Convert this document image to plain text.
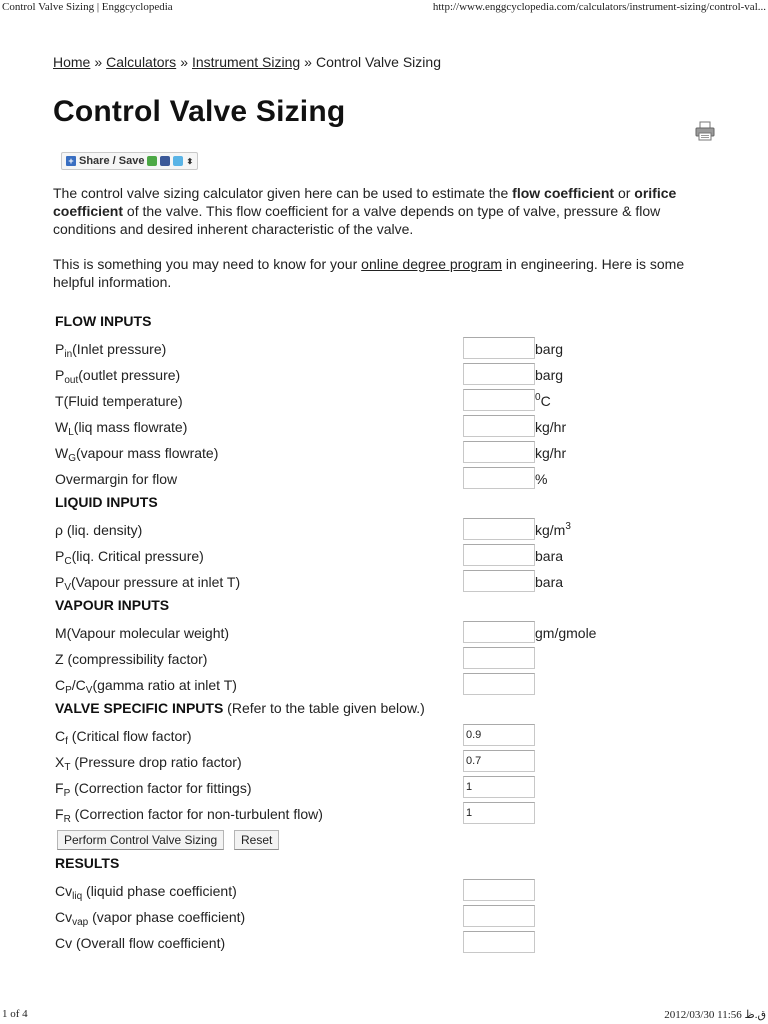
Control Valve Sizing | Enggcyclopedia	http://www.enggcyclopedia.com/calculators/instrument-sizing/control-val...
Home » Calculators » Instrument Sizing » Control Valve Sizing
Control Valve Sizing
+ Share / Save	⬍

The control valve sizing calculator given here can be used to estimate the flow coefficient or orifice coefficient of the valve. This flow coefficient for a valve depends on type of valve, pressure & flow conditions and desired inherent characteristic of the valve.

This is something you may need to know for your online degree program in engineering. Here is some helpful information.

FLOW INPUTS
$P_{in}(Inlet$ pressure)	barg
$P_{out}(outlet$ pressure)	barg
T(Fluid temperature)	$^0$C
$W_L(liq$ mass flowrate)	kg/hr
$W_G(vapour$ mass flowrate)	kg/hr
Overmargin for flow	%
LIQUID INPUTS
ρ (liq. density)	$kg/m^3$
$P_C(liq$. Critical pressure)	bara
$P_V(Vapour$ pressure at inlet T)	bara
VAPOUR INPUTS
M(Vapour molecular weight)	gm/gmole
Z (compressibility factor)
$C_P/C_V(gamma$ ratio at inlet T)
VALVE SPECIFIC INPUTS (Refer to the table given below.)
$C_f$ (Critical flow factor)
0.9
$X_T$ (Pressure drop ratio factor)
0.7
$F_P$ (Correction factor for fittings)
1
$F_R$ (Correction factor for non-turbulent flow)
1
Perform Control Valve Sizing	Reset
RESULTS
$Cv_{liq}$ (liquid phase coefficient)
$Cv_{vap}$ (vapor phase coefficient)
Cv (Overall flow coefficient)
1 of 4	2012/03/30 11:56 ق.ظ
